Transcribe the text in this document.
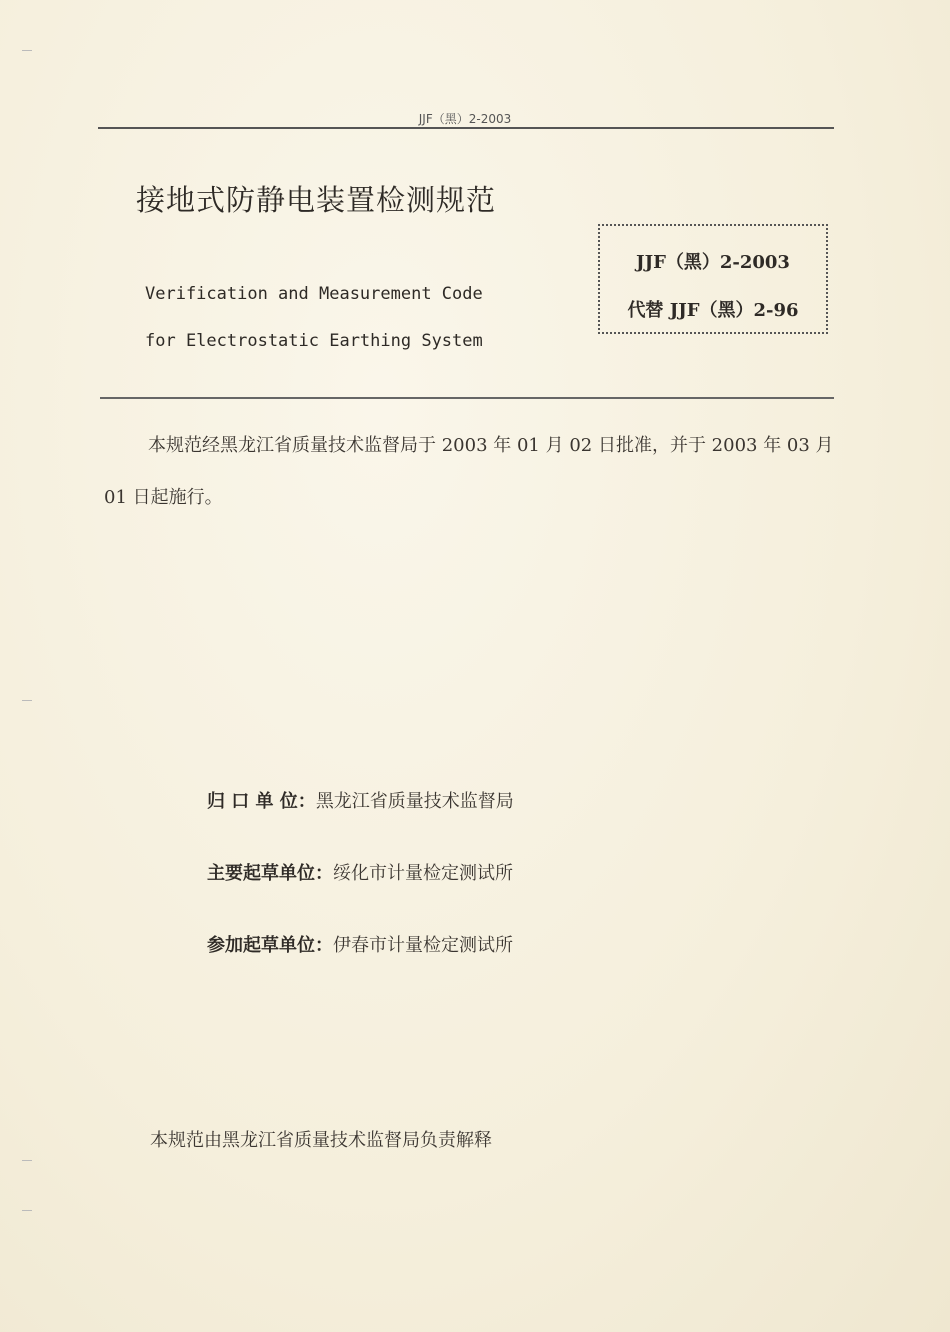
JJF（黑）2-2003
接地式防静电装置检测规范
Verification and Measurement Code
for Electrostatic Earthing System
JJF（黑）2-2003
代替 JJF（黑）2-96
本规范经黑龙江省质量技术监督局于 2003 年 01 月 02 日批准，并于 2003 年 03 月 01 日起施行。
归 口 单 位：黑龙江省质量技术监督局
主要起草单位：绥化市计量检定测试所
参加起草单位：伊春市计量检定测试所
本规范由黑龙江省质量技术监督局负责解释
